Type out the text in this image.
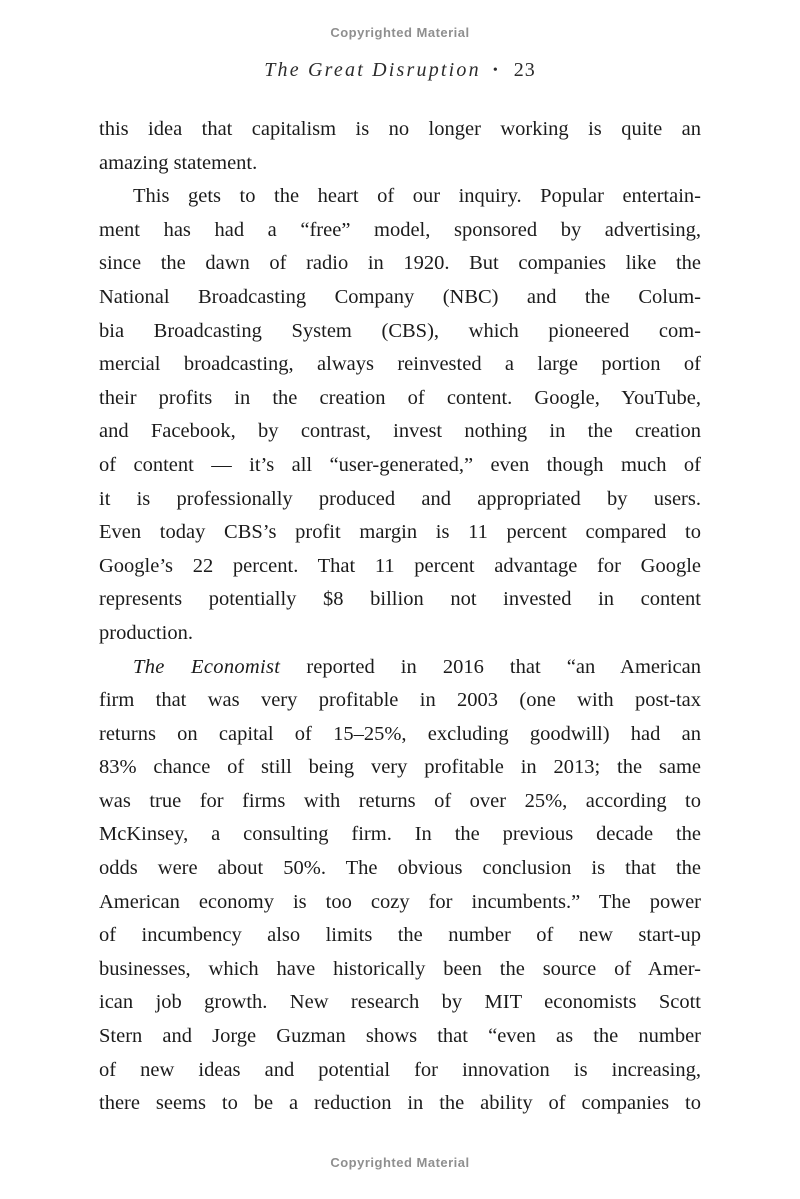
Copyrighted Material
The Great Disruption • 23
this idea that capitalism is no longer working is quite an
amazing statement.
This gets to the heart of our inquiry. Popular entertain-
ment has had a “free” model, sponsored by advertising,
since the dawn of radio in 1920. But companies like the
National Broadcasting Company (NBC) and the Colum-
bia Broadcasting System (CBS), which pioneered com-
mercial broadcasting, always reinvested a large portion of
their profits in the creation of content. Google, YouTube,
and Facebook, by contrast, invest nothing in the creation
of content — it’s all “user-generated,” even though much of
it is professionally produced and appropriated by users.
Even today CBS’s profit margin is 11 percent compared to
Google’s 22 percent. That 11 percent advantage for Google
represents potentially $8 billion not invested in content
production.
The Economist reported in 2016 that “an American
firm that was very profitable in 2003 (one with post-tax
returns on capital of 15–25%, excluding goodwill) had an
83% chance of still being very profitable in 2013; the same
was true for firms with returns of over 25%, according to
McKinsey, a consulting firm. In the previous decade the
odds were about 50%. The obvious conclusion is that the
American economy is too cozy for incumbents.” The power
of incumbency also limits the number of new start-up
businesses, which have historically been the source of Amer-
ican job growth. New research by MIT economists Scott
Stern and Jorge Guzman shows that “even as the number
of new ideas and potential for innovation is increasing,
there seems to be a reduction in the ability of companies to
Copyrighted Material
